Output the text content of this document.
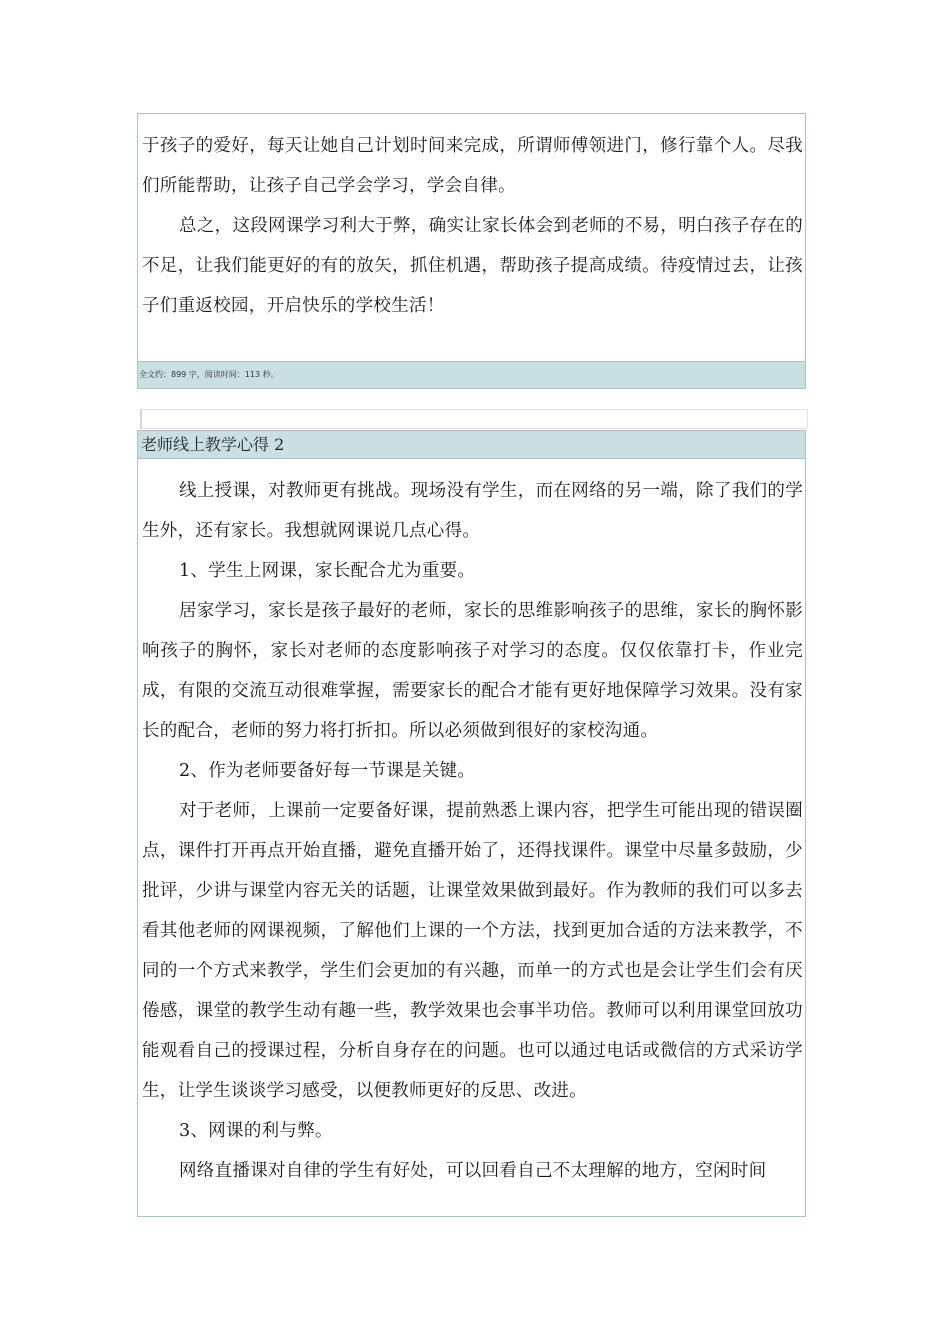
于孩子的爱好，每天让她自己计划时间来完成，所谓师傅领进门，修行靠个人。尽我们所能帮助，让孩子自己学会学习，学会自律。

总之，这段网课学习利大于弊，确实让家长体会到老师的不易，明白孩子存在的不足，让我们能更好的有的放矢，抓住机遇，帮助孩子提高成绩。待疫情过去，让孩子们重返校园，开启快乐的学校生活！

全文约：899 字，阅读时间：113 秒。
老师线上教学心得 2

线上授课，对教师更有挑战。现场没有学生，而在网络的另一端，除了我们的学生外，还有家长。我想就网课说几点心得。

1、学生上网课，家长配合尤为重要。

居家学习，家长是孩子最好的老师，家长的思维影响孩子的思维，家长的胸怀影响孩子的胸怀，家长对老师的态度影响孩子对学习的态度。仅仅依靠打卡，作业完成，有限的交流互动很难掌握，需要家长的配合才能有更好地保障学习效果。没有家长的配合，老师的努力将打折扣。所以必须做到很好的家校沟通。

2、作为老师要备好每一节课是关键。

对于老师，上课前一定要备好课，提前熟悉上课内容，把学生可能出现的错误圈点，课件打开再点开始直播，避免直播开始了，还得找课件。课堂中尽量多鼓励，少批评，少讲与课堂内容无关的话题，让课堂效果做到最好。作为教师的我们可以多去看其他老师的网课视频，了解他们上课的一个方法，找到更加合适的方法来教学，不同的一个方式来教学，学生们会更加的有兴趣，而单一的方式也是会让学生们会有厌倦感，课堂的教学生动有趣一些，教学效果也会事半功倍。教师可以利用课堂回放功能观看自己的授课过程，分析自身存在的问题。也可以通过电话或微信的方式采访学生，让学生谈谈学习感受，以便教师更好的反思、改进。

3、网课的利与弊。

网络直播课对自律的学生有好处，可以回看自己不太理解的地方，空闲时间
